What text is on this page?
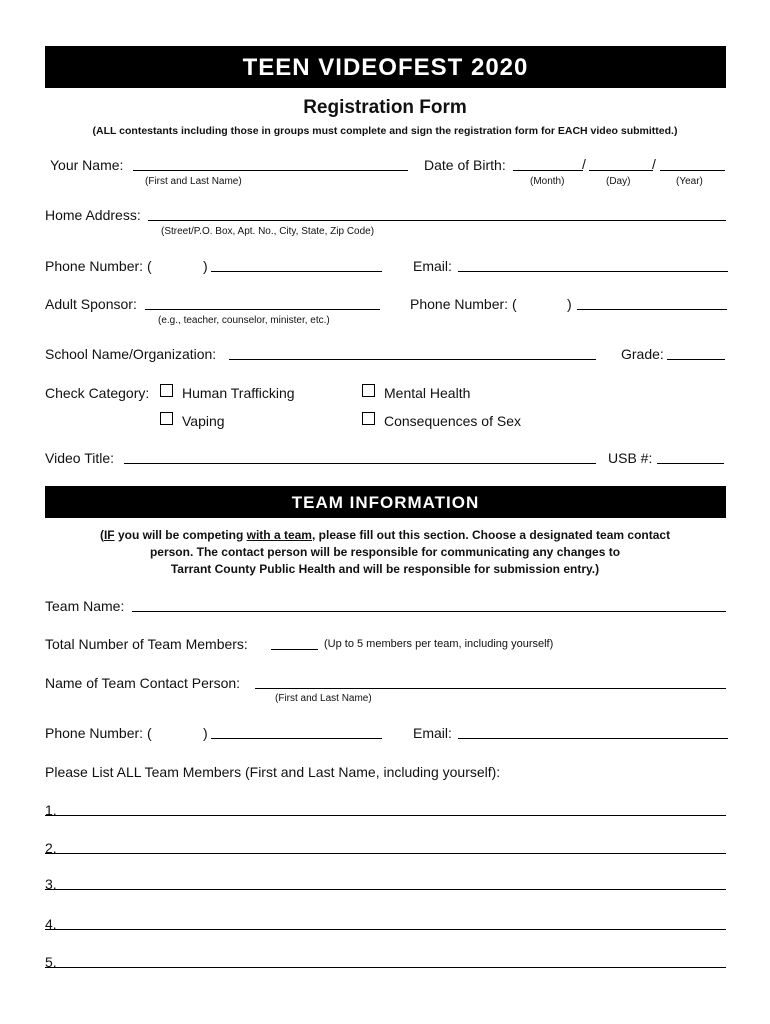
TEEN VIDEOFEST 2020
Registration Form
(ALL contestants including those in groups must complete and sign the registration form for EACH video submitted.)
Your Name:
(First and Last Name)
Date of Birth:	/	/
(Month)	(Day)	(Year)
Home Address:
(Street/P.O. Box, Apt. No., City, State, Zip Code)
Phone Number: (	)	Email:
Adult Sponsor:
(e.g., teacher, counselor, minister, etc.)
Phone Number: (	)
School Name/Organization:	Grade:
Check Category: Human Trafficking	Mental Health
Vaping	Consequences of Sex
Video Title:	USB #:
TEAM INFORMATION
(IF you will be competing with a team, please fill out this section. Choose a designated team contact
person. The contact person will be responsible for communicating any changes to
Tarrant County Public Health and will be responsible for submission entry.)
Team Name:
Total Number of Team Members:	(Up to 5 members per team, including yourself)
Name of Team Contact Person:
(First and Last Name)
Phone Number: (	)	Email:
Please List ALL Team Members (First and Last Name, including yourself):
1.
2.
3.
4.
5.
